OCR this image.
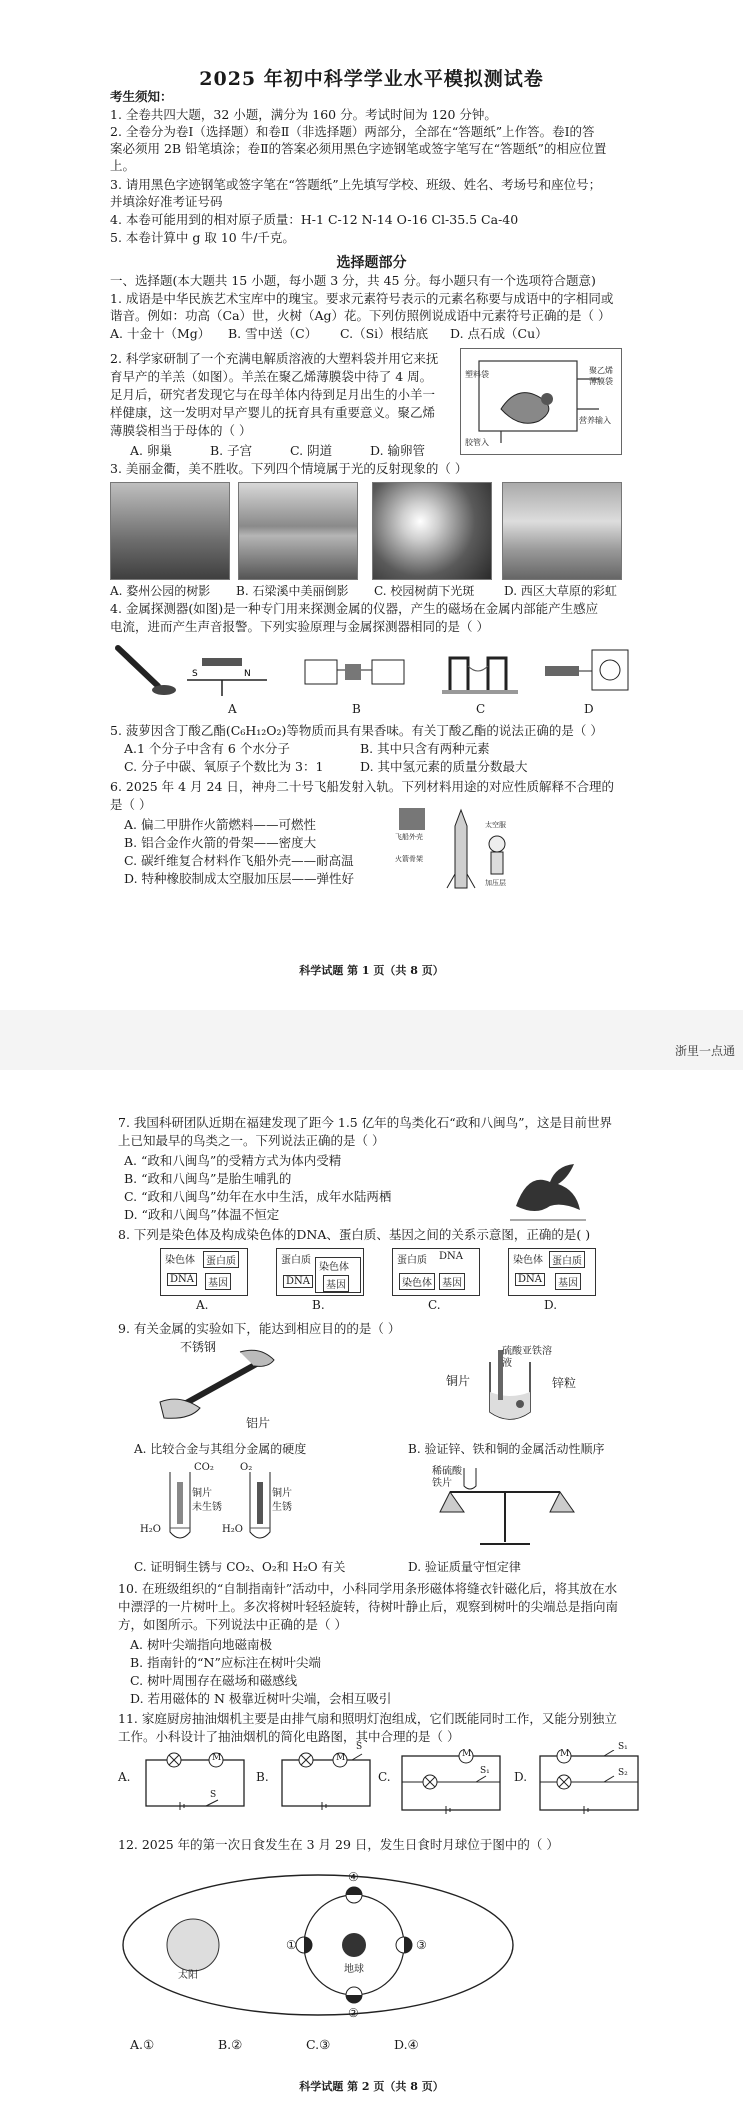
2025 年初中科学学业水平模拟测试卷
考生须知：
1. 全卷共四大题，32 小题，满分为 160 分。考试时间为 120 分钟。
2. 全卷分为卷Ⅰ（选择题）和卷Ⅱ（非选择题）两部分，全部在“答题纸”上作答。卷Ⅰ的答
案必须用 2B 铅笔填涂；卷Ⅱ的答案必须用黑色字迹钢笔或签字笔写在“答题纸”的相应位置
上。
3. 请用黑色字迹钢笔或签字笔在“答题纸”上先填写学校、班级、姓名、考场号和座位号；
并填涂好准考证号码
4. 本卷可能用到的相对原子质量：H-1 C-12 N-14 O-16 Cl-35.5 Ca-40
5. 本卷计算中 g 取 10 牛/千克。
选择题部分
一、选择题(本大题共 15 小题，每小题 3 分，共 45 分。每小题只有一个选项符合题意)
1. 成语是中华民族艺术宝库中的瑰宝。要求元素符号表示的元素名称要与成语中的字相同或
谐音。例如：功高（Ca）世，火树（Ag）花。下列仿照例说成语中元素符号正确的是（ ）
A. 十金十（Mg） B. 雪中送（C） C.（Si）根结底 D. 点石成（Cu）
2. 科学家研制了一个充满电解质溶液的大塑料袋并用它来抚
育早产的羊羔（如图）。羊羔在聚乙烯薄膜袋中待了 4 周。
足月后，研究者发现它与在母羊体内待到足月出生的小羊一
样健康，这一发明对早产婴儿的抚育具有重要意义。聚乙烯
薄膜袋相当于母体的（ ）
A. 卵巢	B. 子宫	C. 阴道	D. 输卵管
塑料袋	聚乙烯薄膜袋
胶管入
营养输入
3. 美丽金衢，美不胜收。下列四个情境属于光的反射现象的（ ）
A. 婺州公园的树影 B. 石梁溪中美丽倒影 C. 校园树荫下光斑 D. 西区大草原的彩虹
4. 金属探测器(如图)是一种专门用来探测金属的仪器，产生的磁场在金属内部能产生感应
电流，进而产生声音报警。下列实验原理与金属探测器相同的是（ ）
S	N
A	B	C	D
5. 菠萝因含丁酸乙酯(C₆H₁₂O₂)等物质而具有果香味。有关丁酸乙酯的说法正确的是（ ）
A.1 个分子中含有 6 个水分子	B. 其中只含有两种元素
C. 分子中碳、氧原子个数比为 3：1	D. 其中氢元素的质量分数最大
6. 2025 年 4 月 24 日，神舟二十号飞船发射入轨。下列材料用途的对应性质解释不合理的
是（ ）
A. 偏二甲肼作火箭燃料——可燃性
B. 铝合金作火箭的骨架——密度大
C. 碳纤维复合材料作飞船外壳——耐高温
D. 特种橡胶制成太空服加压层——弹性好
飞船外壳
火箭骨架
太空服
加压层
科学试题 第 1 页（共 8 页）
浙里一点通
7. 我国科研团队近期在福建发现了距今 1.5 亿年的鸟类化石“政和八闽鸟”，这是目前世界
上已知最早的鸟类之一。下列说法正确的是（ ）
A. “政和八闽鸟”的受精方式为体内受精
B. “政和八闽鸟”是胎生哺乳的
C. “政和八闽鸟”幼年在水中生活，成年水陆两栖
D. “政和八闽鸟”体温不恒定
8. 下列是染色体及构成染色体的DNA、蛋白质、基因之间的关系示意图，正确的是( )
染色体	蛋白质
DNA	基因
蛋白质
染色体
DNA	基因
蛋白质 DNA
染色体	基因
染色体 蛋白质
DNA	基因
A.	B.	C.	D.
9. 有关金属的实验如下，能达到相应目的的是（ ）
不锈钢
铝片
铜片
硫酸亚铁溶液
锌粒
A. 比较合金与其组分金属的硬度	B. 验证锌、铁和铜的金属活动性顺序
CO₂	O₂
铜片
未生锈
铜片
生锈
H₂O	H₂O
稀硫酸
铁片
C. 证明铜生锈与 CO₂、O₂和 H₂O 有关	D. 验证质量守恒定律
10. 在班级组织的“自制指南针”活动中，小科同学用条形磁体将缝衣针磁化后，将其放在水
中漂浮的一片树叶上。多次将树叶轻轻旋转，待树叶静止后，观察到树叶的尖端总是指向南
方，如图所示。下列说法中正确的是（ ）
A. 树叶尖端指向地磁南极
B. 指南针的“N”应标注在树叶尖端
C. 树叶周围存在磁场和磁感线
D. 若用磁体的 N 极靠近树叶尖端，会相互吸引
11. 家庭厨房抽油烟机主要是由排气扇和照明灯泡组成，它们既能同时工作，又能分别独立
工作。小科设计了抽油烟机的简化电路图，其中合理的是（ ）
A.
M
S
B.
M
S
C.
M
S₁ D.
M
S₁
S₂
12. 2025 年的第一次日食发生在 3 月 29 日，发生日食时月球位于图中的（ ）
太阳
地球
①
②
③
④
A.①	B.②	C.③	D.④
科学试题 第 2 页（共 8 页）
